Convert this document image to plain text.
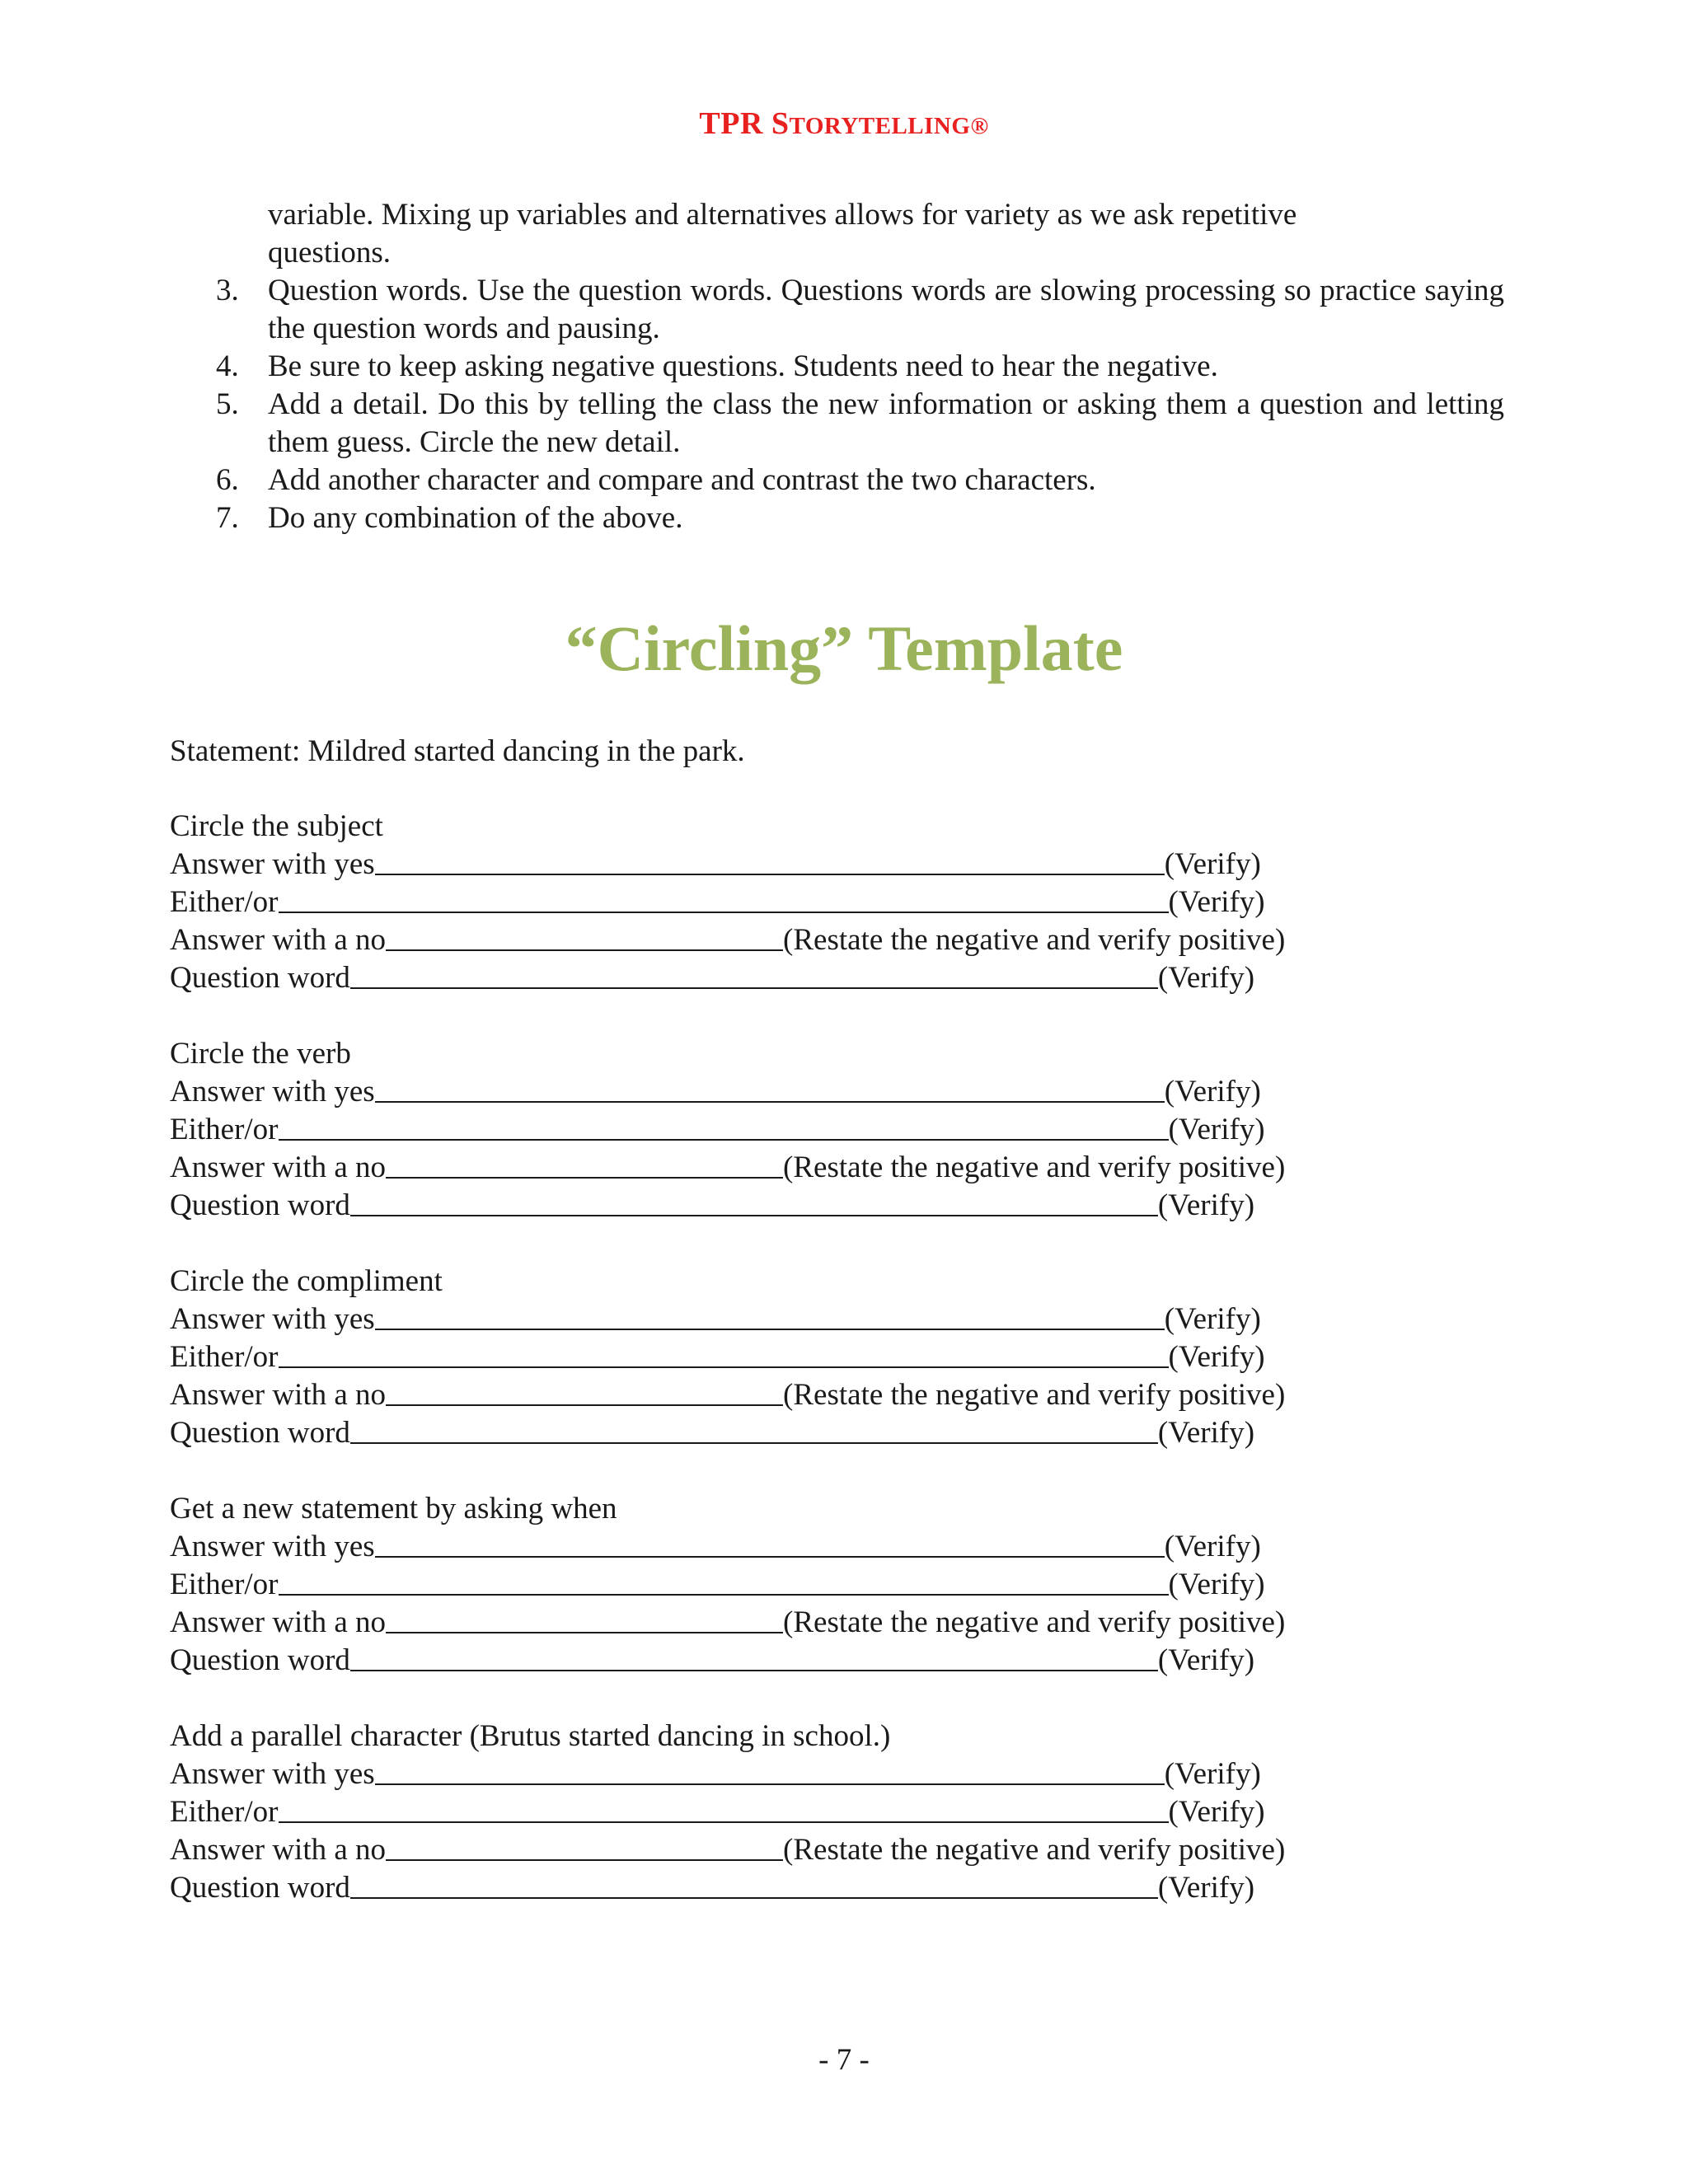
TPR STORYTELLING®
variable. Mixing up variables and alternatives allows for variety as we ask repetitive
questions.
3. Question words. Use the question words. Questions words are slowing processing so practice saying the question words and pausing.
4. Be sure to keep asking negative questions. Students need to hear the negative.
5. Add a detail. Do this by telling the class the new information or asking them a question and letting them guess. Circle the new detail.
6. Add another character and compare and contrast the two characters.
7. Do any combination of the above.
“Circling” Template
Statement: Mildred started dancing in the park.
Circle the subject
Answer with yes	(Verify)
Either/or	(Verify)
Answer with a no	(Restate the negative and verify positive)
Question word	(Verify)
Circle the verb
Answer with yes	(Verify)
Either/or	(Verify)
Answer with a no	(Restate the negative and verify positive)
Question word	(Verify)
Circle the compliment
Answer with yes	(Verify)
Either/or	(Verify)
Answer with a no	(Restate the negative and verify positive)
Question word	(Verify)
Get a new statement by asking when
Answer with yes	(Verify)
Either/or	(Verify)
Answer with a no	(Restate the negative and verify positive)
Question word	(Verify)
Add a parallel character (Brutus started dancing in school.)
Answer with yes	(Verify)
Either/or	(Verify)
Answer with a no	(Restate the negative and verify positive)
Question word	(Verify)
- 7 -
